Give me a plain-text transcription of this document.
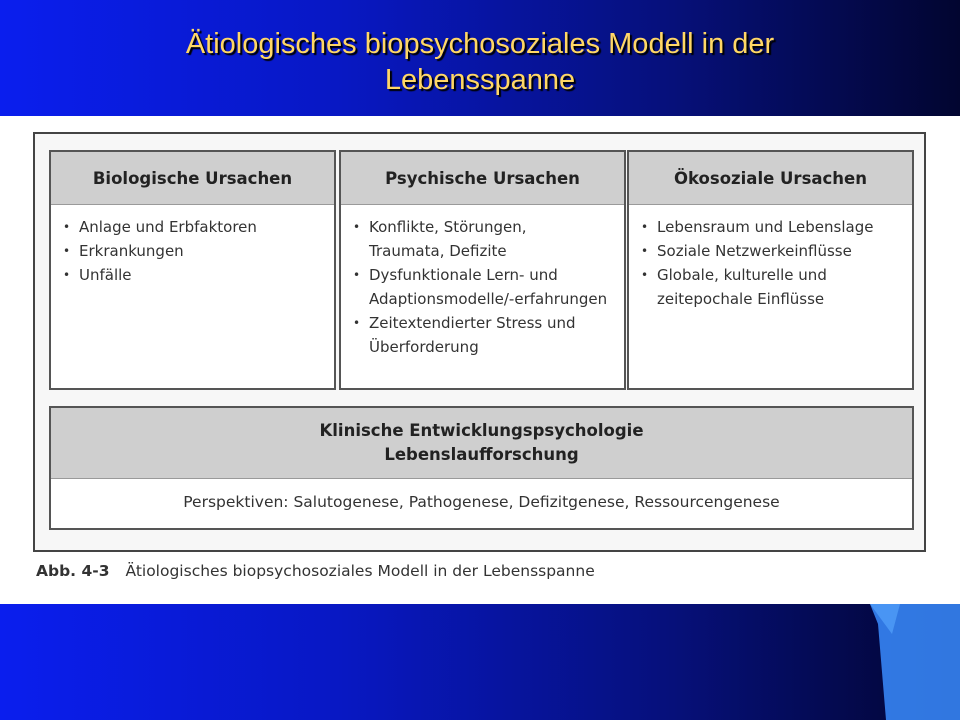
Ätiologisches biopsychosoziales Modell in der
Lebensspanne
Biologische Ursachen
• Anlage und Erbfaktoren
• Erkrankungen
• Unfälle
Psychische Ursachen
• Konflikte, Störungen,
Traumata, Defizite
• Dysfunktionale Lern- und
Adaptionsmodelle/-erfahrungen
• Zeitextendierter Stress und
Überforderung
Ökosoziale Ursachen
• Lebensraum und Lebenslage
• Soziale Netzwerkeinflüsse
• Globale, kulturelle und
zeitepochale Einflüsse
Klinische Entwicklungspsychologie
Lebenslaufforschung
Perspektiven: Salutogenese, Pathogenese, Defizitgenese, Ressourcengenese
Abb. 4-3 Ätiologisches biopsychosoziales Modell in der Lebensspanne
